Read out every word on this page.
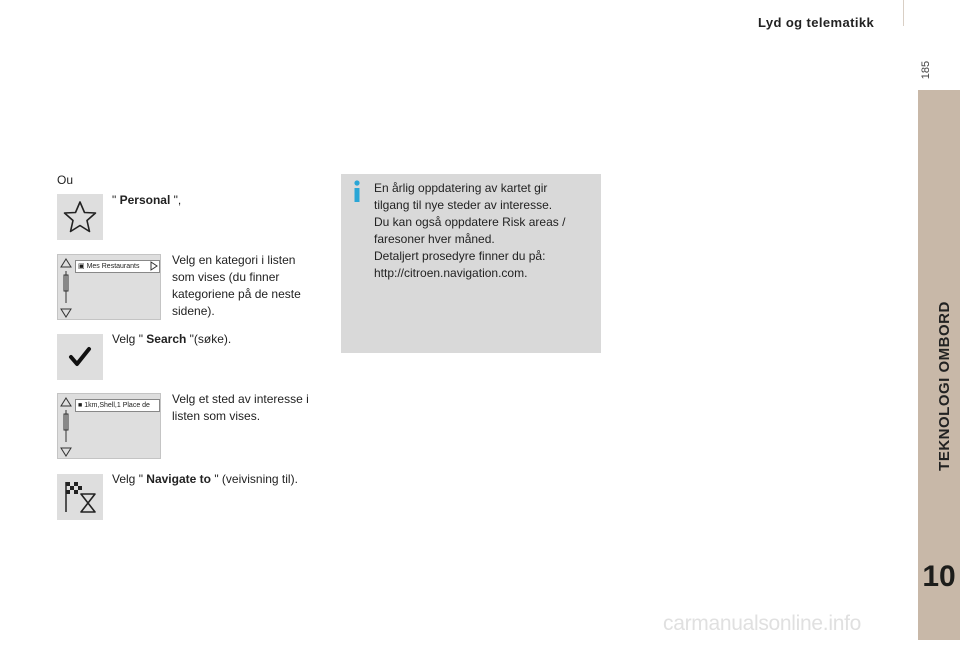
Lyd og telematikk
185
TEKNOLOGI OMBORD
10
Ou
" Personal ",
▣ Mes Restaurants	Velg en kategori i listen som vises (du finner kategoriene på de neste sidene).
Velg " Search "(søke).
■ 1km,Shell,1 Place de	Velg et sted av interesse i listen som vises.
Velg " Navigate to " (veivisning til).
En årlig oppdatering av kartet gir
tilgang til nye steder av interesse.
Du kan også oppdatere Risk areas /
faresoner hver måned.
Detaljert prosedyre finner du på:
http://citroen.navigation.com.
carmanualsonline.info
